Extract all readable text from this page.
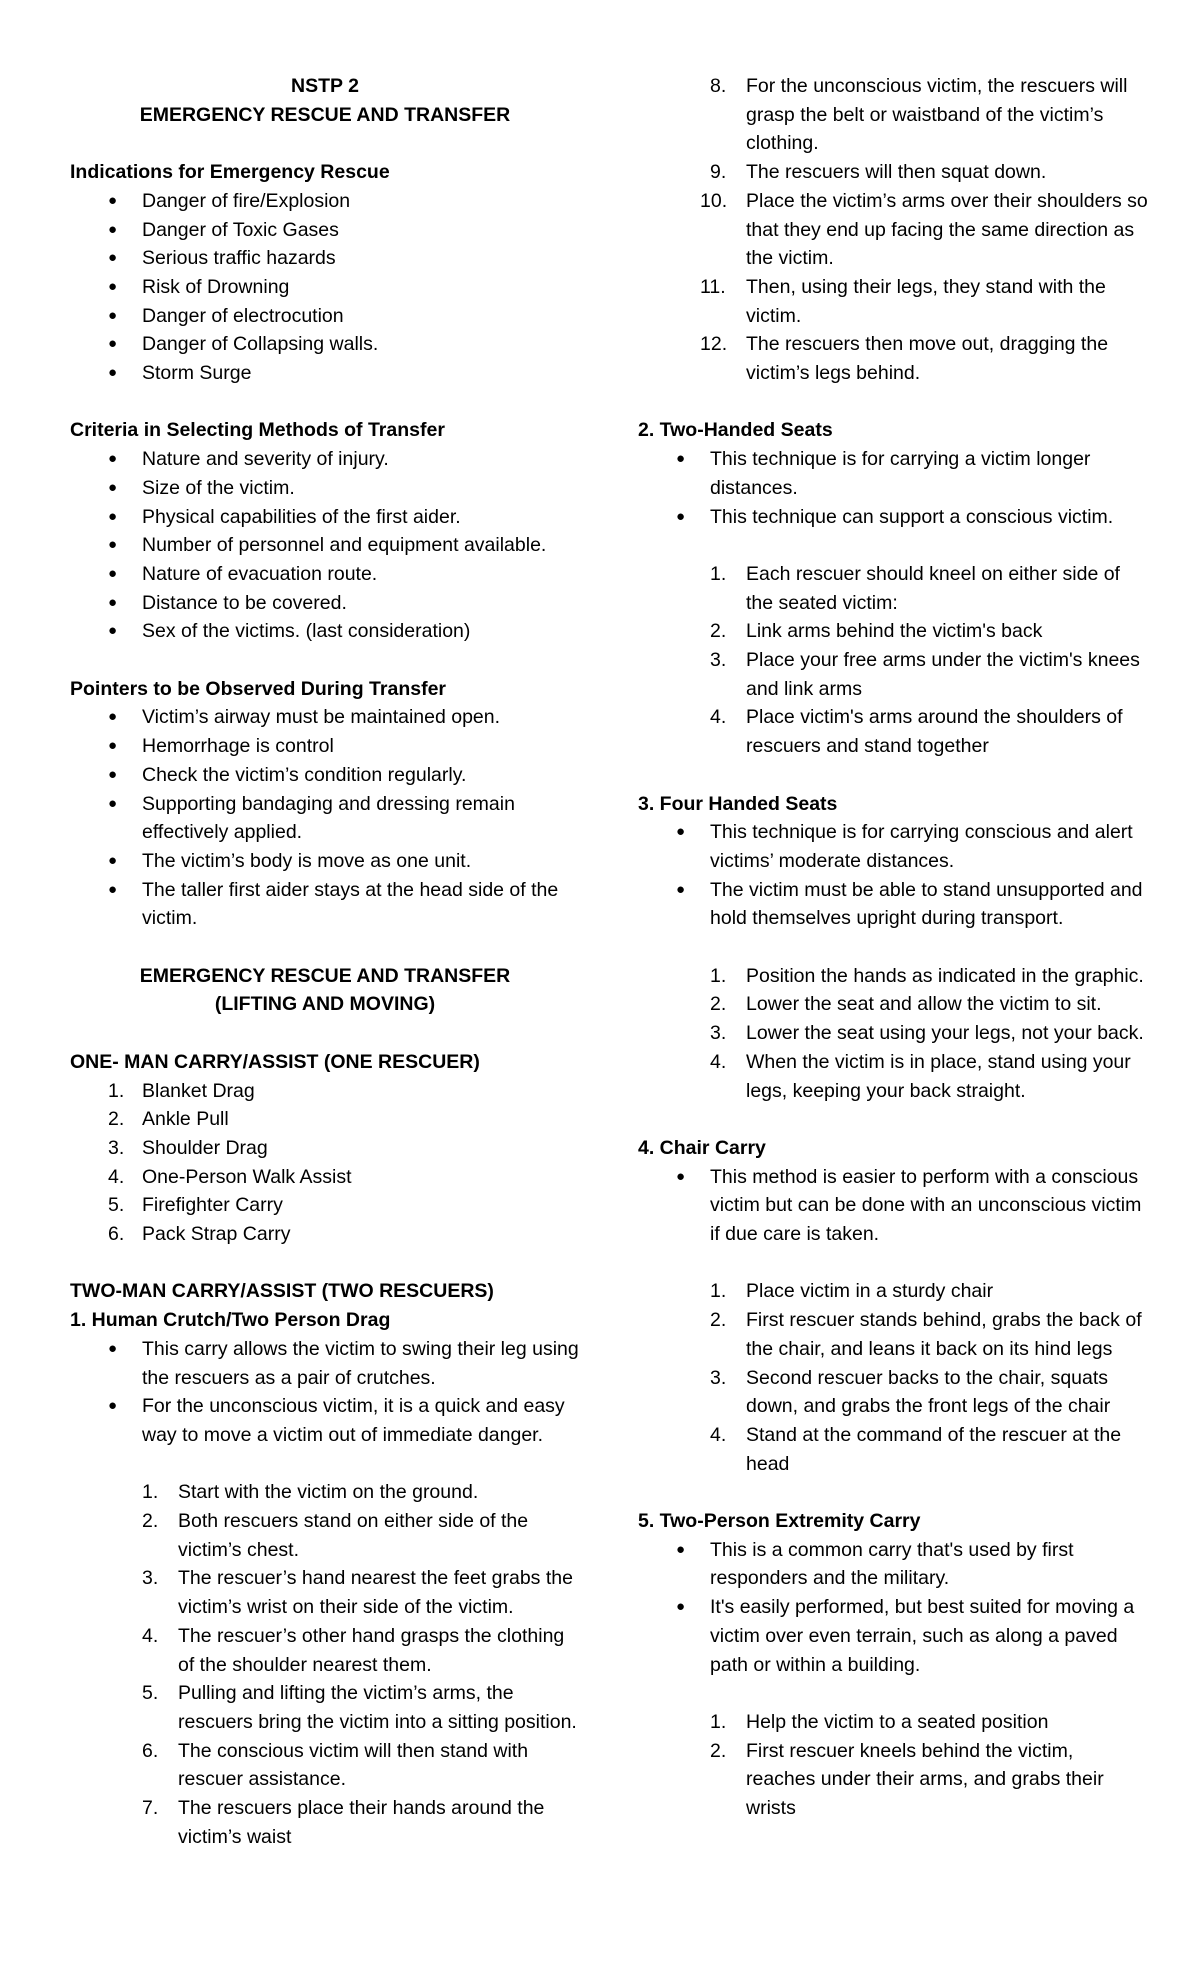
NSTP 2
EMERGENCY RESCUE AND TRANSFER
Indications for Emergency Rescue
● Danger of fire/Explosion
● Danger of Toxic Gases
● Serious traffic hazards
● Risk of Drowning
● Danger of electrocution
● Danger of Collapsing walls.
● Storm Surge
Criteria in Selecting Methods of Transfer
● Nature and severity of injury.
● Size of the victim.
● Physical capabilities of the first aider.
● Number of personnel and equipment available.
● Nature of evacuation route.
● Distance to be covered.
● Sex of the victims. (last consideration)
Pointers to be Observed During Transfer
● Victim’s airway must be maintained open.
● Hemorrhage is control
● Check the victim’s condition regularly.
● Supporting bandaging and dressing remain effectively applied.
● The victim’s body is move as one unit.
● The taller first aider stays at the head side of the victim.
EMERGENCY RESCUE AND TRANSFER
(LIFTING AND MOVING)
ONE- MAN CARRY/ASSIST (ONE RESCUER)
1. Blanket Drag
2. Ankle Pull
3. Shoulder Drag
4. One-Person Walk Assist
5. Firefighter Carry
6. Pack Strap Carry
TWO-MAN CARRY/ASSIST (TWO RESCUERS)
1. Human Crutch/Two Person Drag
● This carry allows the victim to swing their leg using the rescuers as a pair of crutches.
● For the unconscious victim, it is a quick and easy way to move a victim out of immediate danger.
1. Start with the victim on the ground.
2. Both rescuers stand on either side of the victim’s chest.
3. The rescuer’s hand nearest the feet grabs the victim’s wrist on their side of the victim.
4. The rescuer’s other hand grasps the clothing of the shoulder nearest them.
5. Pulling and lifting the victim’s arms, the rescuers bring the victim into a sitting position.
6. The conscious victim will then stand with rescuer assistance.
7. The rescuers place their hands around the victim’s waist
8. For the unconscious victim, the rescuers will grasp the belt or waistband of the victim’s clothing.
9. The rescuers will then squat down.
10. Place the victim’s arms over their shoulders so that they end up facing the same direction as the victim.
11. Then, using their legs, they stand with the victim.
12. The rescuers then move out, dragging the victim’s legs behind.
2. Two-Handed Seats
● This technique is for carrying a victim longer distances.
● This technique can support a conscious victim.
1. Each rescuer should kneel on either side of the seated victim:
2. Link arms behind the victim's back
3. Place your free arms under the victim's knees and link arms
4. Place victim's arms around the shoulders of rescuers and stand together
3. Four Handed Seats
● This technique is for carrying conscious and alert victims’ moderate distances.
● The victim must be able to stand unsupported and hold themselves upright during transport.
1. Position the hands as indicated in the graphic.
2. Lower the seat and allow the victim to sit.
3. Lower the seat using your legs, not your back.
4. When the victim is in place, stand using your legs, keeping your back straight.
4. Chair Carry
● This method is easier to perform with a conscious victim but can be done with an unconscious victim if due care is taken.
1. Place victim in a sturdy chair
2. First rescuer stands behind, grabs the back of the chair, and leans it back on its hind legs
3. Second rescuer backs to the chair, squats down, and grabs the front legs of the chair
4. Stand at the command of the rescuer at the head
5. Two-Person Extremity Carry
● This is a common carry that's used by first responders and the military.
● It's easily performed, but best suited for moving a victim over even terrain, such as along a paved path or within a building.
1. Help the victim to a seated position
2. First rescuer kneels behind the victim, reaches under their arms, and grabs their wrists
